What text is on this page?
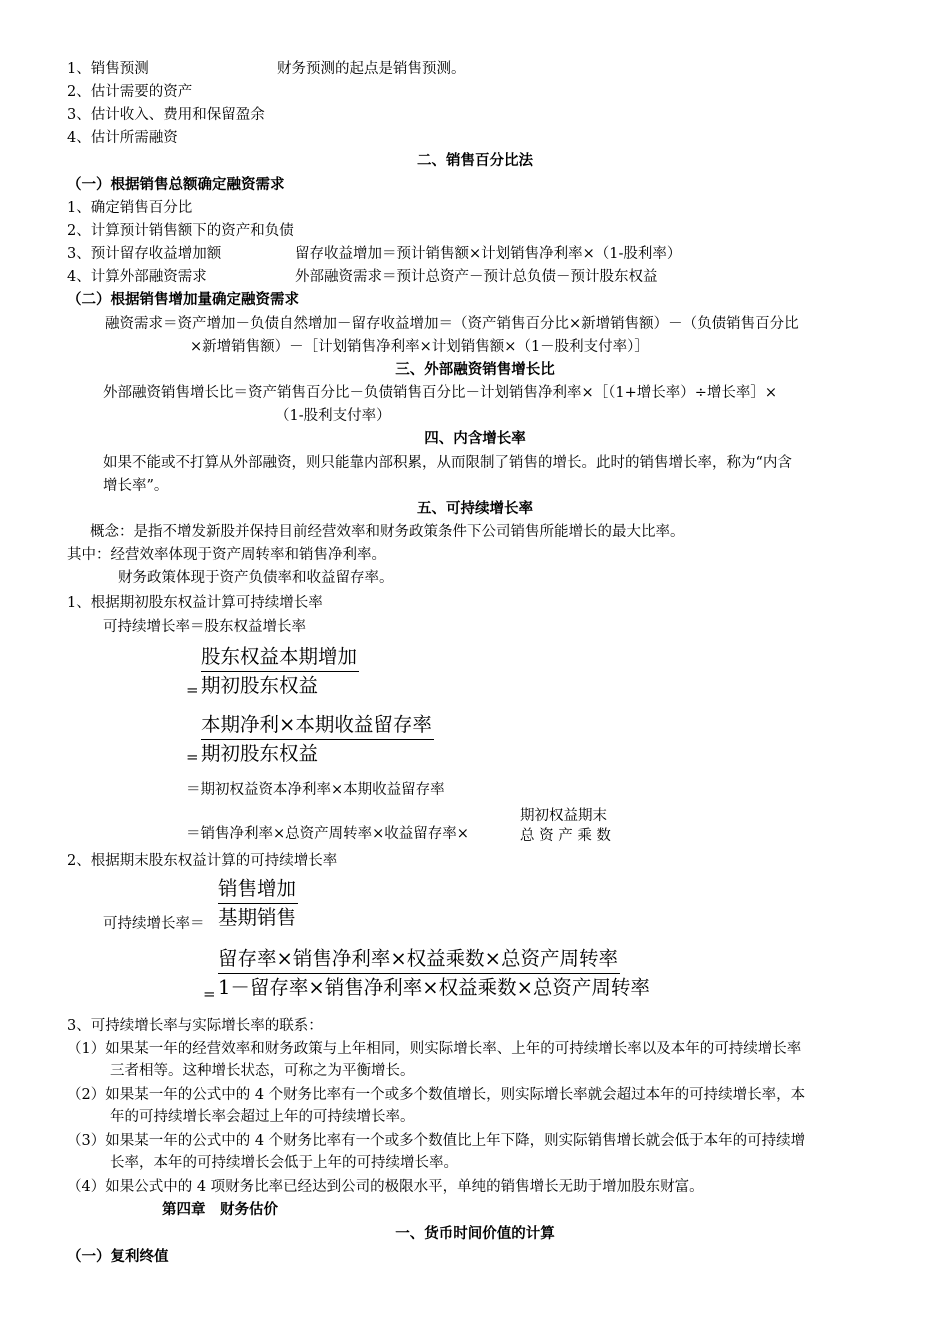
1、销售预测	财务预测的起点是销售预测。
2、估计需要的资产
3、估计收入、费用和保留盈余
4、估计所需融资
二、销售百分比法
（一）根据销售总额确定融资需求
1、确定销售百分比
2、计算预计销售额下的资产和负债
3、预计留存收益增加额	留存收益增加＝预计销售额×计划销售净利率×（1-股利率）
4、计算外部融资需求	外部融资需求＝预计总资产－预计总负债－预计股东权益
（二）根据销售增加量确定融资需求
融资需求＝资产增加－负债自然增加－留存收益增加＝（资产销售百分比×新增销售额）－（负债销售百分比
×新增销售额）－［计划销售净利率×计划销售额×（1－股利支付率）］
三、外部融资销售增长比
外部融资销售增长比＝资产销售百分比－负债销售百分比－计划销售净利率×［（1+增长率）÷增长率］×
（1-股利支付率）
四、内含增长率
如果不能或不打算从外部融资，则只能靠内部积累，从而限制了销售的增长。此时的销售增长率，称为“内含
增长率”。
五、可持续增长率
概念：是指不增发新股并保持目前经营效率和财务政策条件下公司销售所能增长的最大比率。
其中：经营效率体现于资产周转率和销售净利率。
财务政策体现于资产负债率和收益留存率。
1、根据期初股东权益计算可持续增长率
可持续增长率＝股东权益增长率
=
股东权益本期增加
期初股东权益
=
本期净利×本期收益留存率
期初股东权益
＝期初权益资本净利率×本期收益留存率
期初权益期末
＝销售净利率×总资产周转率×收益留存率×	总 资 产 乘 数
2、根据期末股东权益计算的可持续增长率
可持续增长率＝
销售增加
基期销售
=
留存率×销售净利率×权益乘数×总资产周转率
1－留存率×销售净利率×权益乘数×总资产周转率
3、可持续增长率与实际增长率的联系：
（1）如果某一年的经营效率和财务政策与上年相同，则实际增长率、上年的可持续增长率以及本年的可持续增长率
三者相等。这种增长状态，可称之为平衡增长。
（2）如果某一年的公式中的 4 个财务比率有一个或多个数值增长，则实际增长率就会超过本年的可持续增长率，本
年的可持续增长率会超过上年的可持续增长率。
（3）如果某一年的公式中的 4 个财务比率有一个或多个数值比上年下降，则实际销售增长就会低于本年的可持续增
长率，本年的可持续增长会低于上年的可持续增长率。
（4）如果公式中的 4 项财务比率已经达到公司的极限水平，单纯的销售增长无助于增加股东财富。
第四章　财务估价
一、货币时间价值的计算
（一）复利终值
